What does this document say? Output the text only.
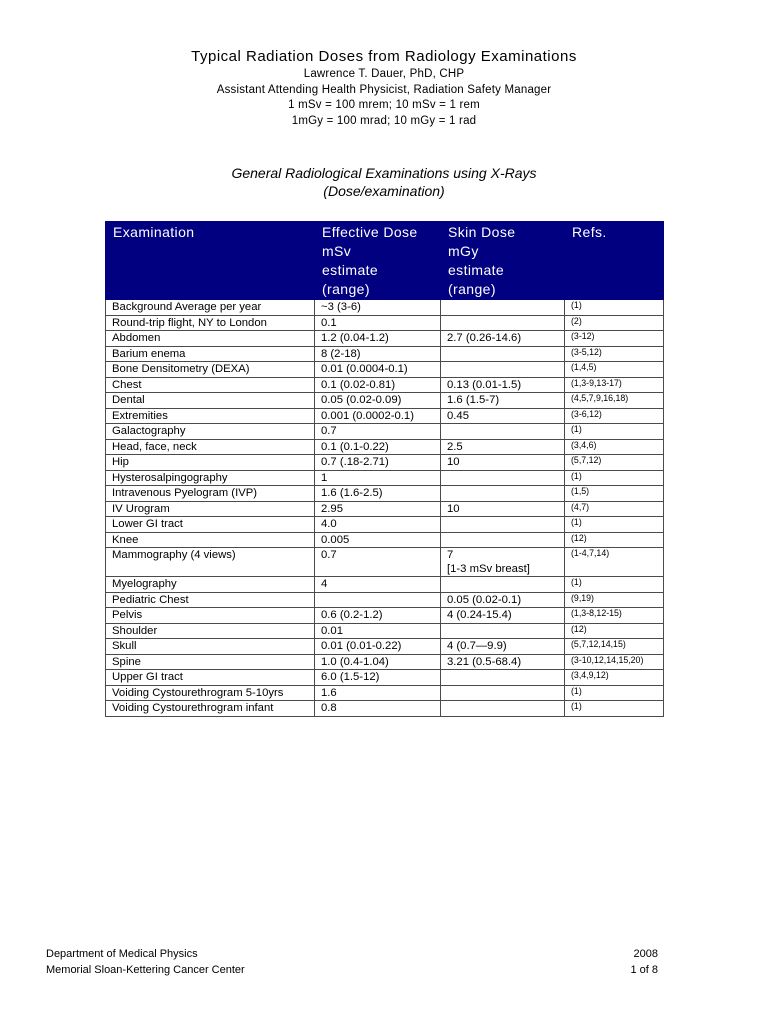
Typical Radiation Doses from Radiology Examinations
Lawrence T. Dauer, PhD, CHP
Assistant Attending Health Physicist, Radiation Safety Manager
1 mSv = 100 mrem; 10 mSv = 1 rem
1mGy = 100 mrad; 10 mGy = 1 rad
General Radiological Examinations using X-Rays
(Dose/examination)
Examination	Effective Dose
mSv
estimate
(range)	Skin Dose
mGy
estimate
(range)	Refs.

Background Average per year	~3 (3-6)		(1)

Round-trip flight, NY to London	0.1		(2)

Abdomen	1.2 (0.04-1.2)	2.7 (0.26-14.6)	(3-12)

Barium enema	8 (2-18)		(3-5,12)

Bone Densitometry (DEXA)	0.01 (0.0004-0.1)		(1,4,5)

Chest	0.1 (0.02-0.81)	0.13 (0.01-1.5)	(1,3-9,13-17)

Dental	0.05 (0.02-0.09)	1.6 (1.5-7)	(4,5,7,9,16,18)

Extremities	0.001 (0.0002-0.1)	0.45	(3-6,12)

Galactography	0.7		(1)

Head, face, neck	0.1 (0.1-0.22)	2.5	(3,4,6)

Hip	0.7 (.18-2.71)	10	(5,7,12)

Hysterosalpingography	1		(1)

Intravenous Pyelogram (IVP)	1.6 (1.6-2.5)		(1,5)

IV Urogram	2.95	10	(4,7)

Lower GI tract	4.0		(1)

Knee	0.005		(12)

Mammography (4 views)	0.7	7
[1-3 mSv breast]	(1-4,7,14)

Myelography	4		(1)

Pediatric Chest		0.05 (0.02-0.1)	(9,19)

Pelvis	0.6 (0.2-1.2)	4 (0.24-15.4)	(1,3-8,12-15)

Shoulder	0.01		(12)

Skull	0.01 (0.01-0.22)	4 (0.7—9.9)	(5,7,12,14,15)

Spine	1.0 (0.4-1.04)	3.21 (0.5-68.4)	(3-10,12,14,15,20)

Upper GI tract	6.0 (1.5-12)		(3,4,9,12)

Voiding Cystourethrogram 5-10yrs	1.6		(1)

Voiding Cystourethrogram infant	0.8		(1)
Department of Medical Physics
Memorial Sloan-Kettering Cancer Center
2008
1 of 8
